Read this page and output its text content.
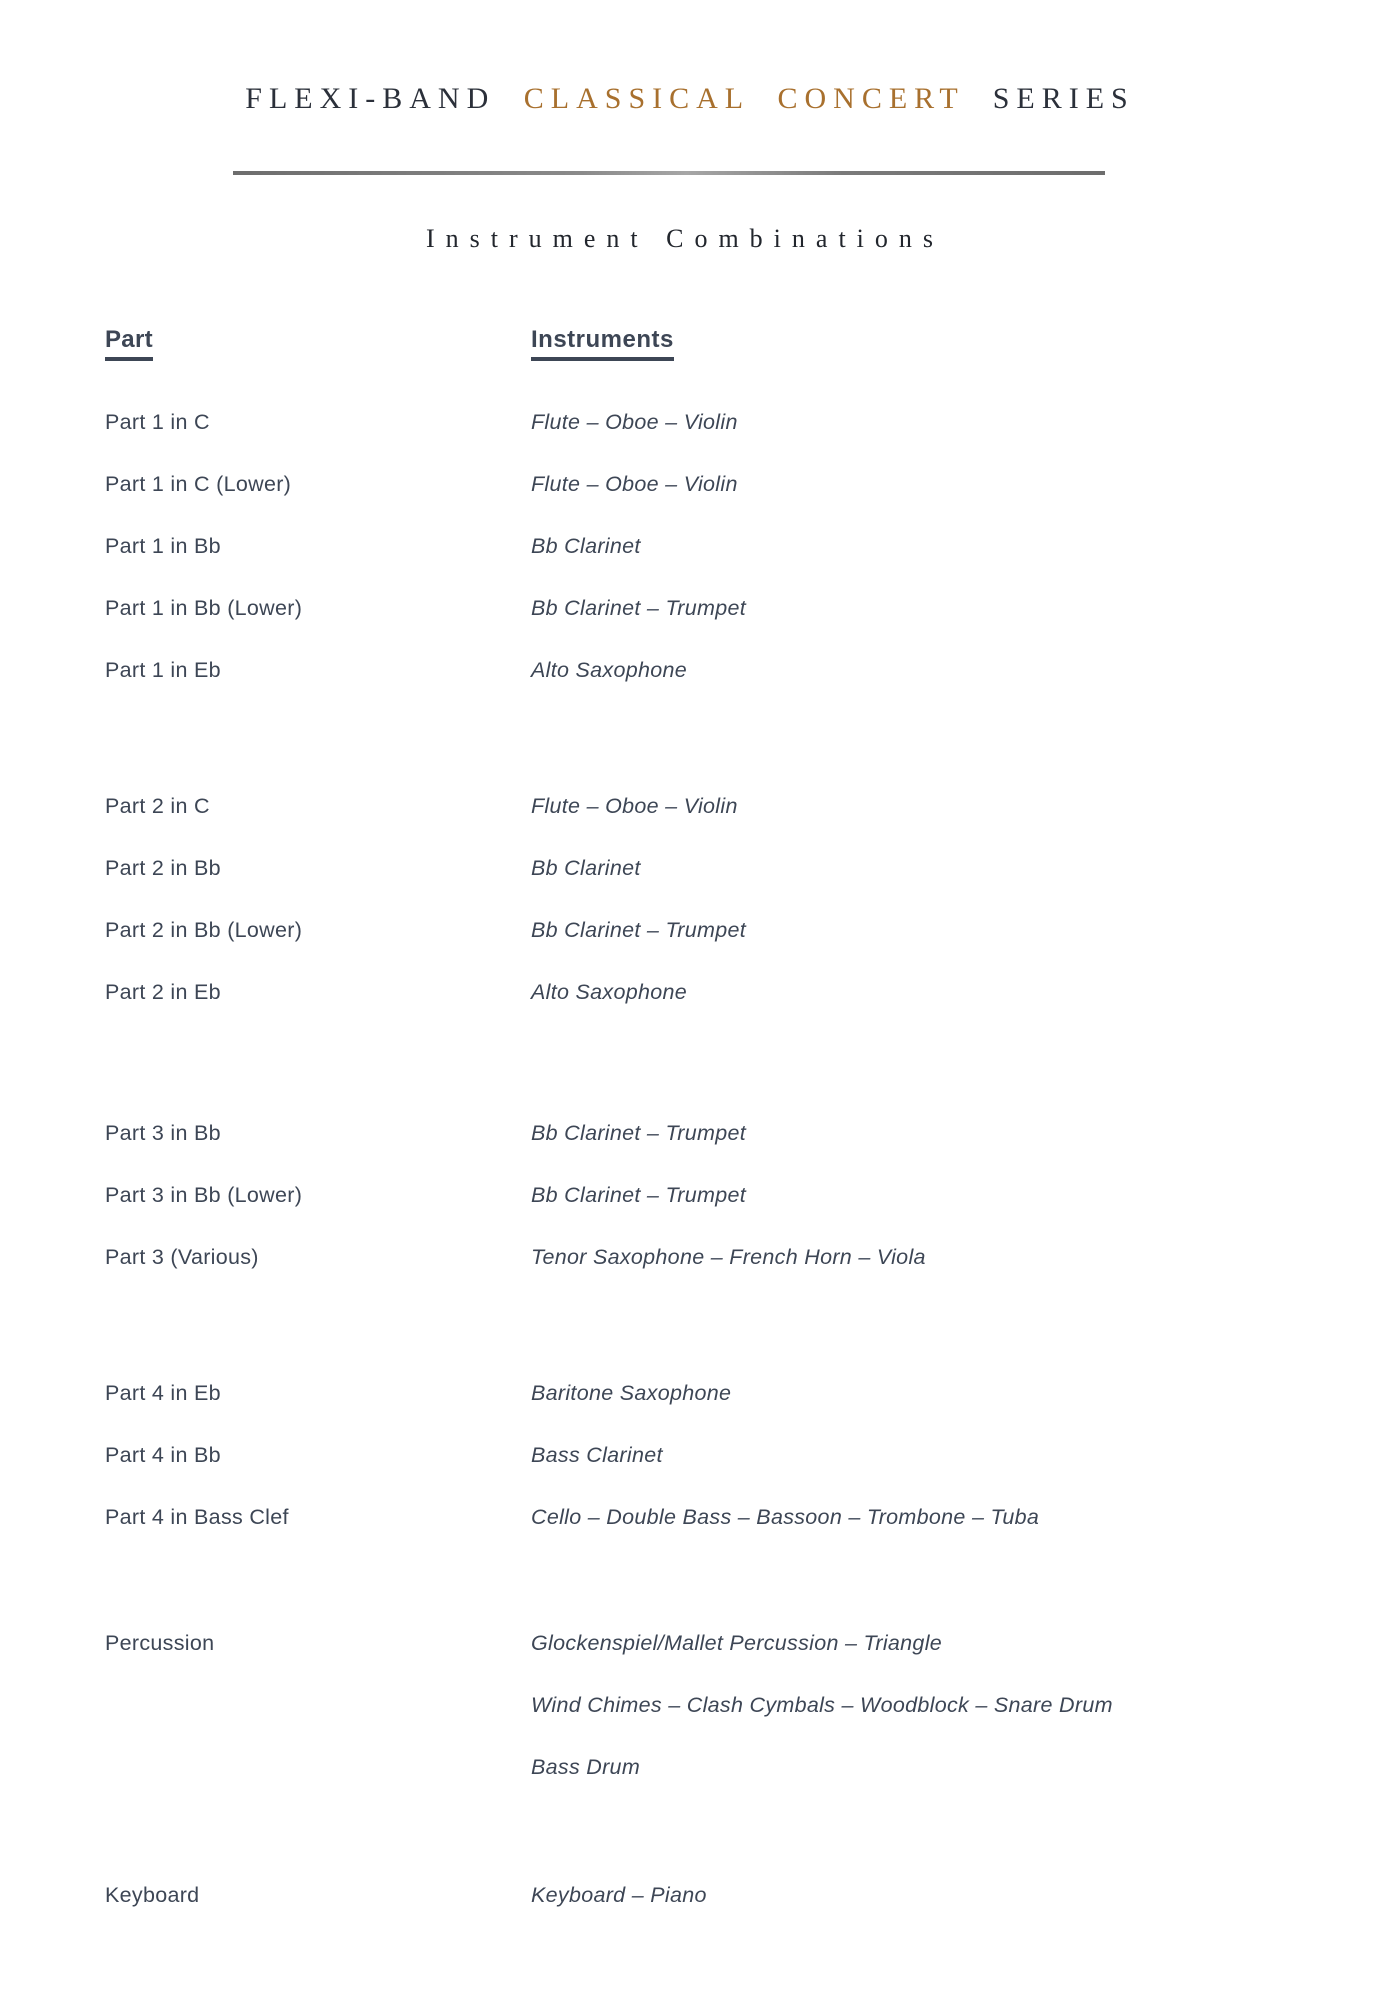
FLEXI-BAND CLASSICAL CONCERT SERIES
Instrument Combinations
Part	Instruments
Part 1 in C	Flute – Oboe – Violin
Part 1 in C (Lower)	Flute – Oboe – Violin
Part 1 in Bb	Bb Clarinet
Part 1 in Bb (Lower)	Bb Clarinet – Trumpet
Part 1 in Eb	Alto Saxophone
Part 2 in C	Flute – Oboe – Violin
Part 2 in Bb	Bb Clarinet
Part 2 in Bb (Lower)	Bb Clarinet – Trumpet
Part 2 in Eb	Alto Saxophone
Part 3 in Bb	Bb Clarinet – Trumpet
Part 3 in Bb (Lower)	Bb Clarinet – Trumpet
Part 3 (Various)	Tenor Saxophone – French Horn – Viola
Part 4 in Eb	Baritone Saxophone
Part 4 in Bb	Bass Clarinet
Part 4 in Bass Clef	Cello – Double Bass – Bassoon – Trombone – Tuba
Percussion	Glockenspiel/Mallet Percussion – Triangle
Wind Chimes – Clash Cymbals – Woodblock – Snare Drum
Bass Drum
Keyboard	Keyboard – Piano
